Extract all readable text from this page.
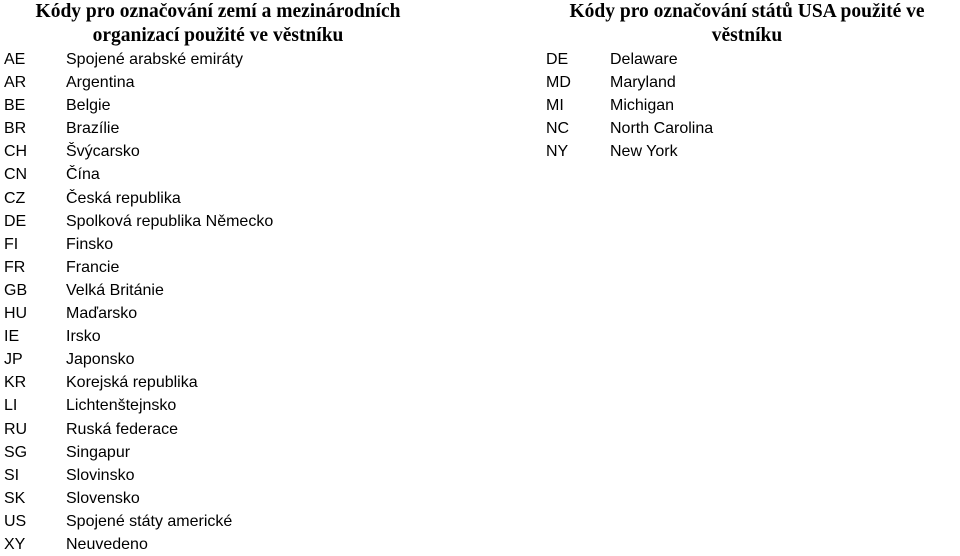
Kódy pro označování zemí a mezinárodních
organizací použité ve věstníku
AE	Spojené arabské emiráty
AR Argentina
BE	Belgie
BR Brazílie
CH Švýcarsko
CN Čína
CZ	Česká republika
DE Spolková republika Německo
FI	Finsko
FR	Francie
GB Velká Británie
HU Maďarsko
IE	Irsko
JP	Japonsko
KR Korejská republika
LI	Lichtenštejnsko
RU Ruská federace
SG Singapur
SI	Slovinsko
SK	Slovensko
US Spojené státy americké
XY	Neuvedeno
Kódy pro označování států USA použité ve
věstníku
DE	Delaware
MD Maryland
MI	Michigan
NC	North Carolina
NY	New York
